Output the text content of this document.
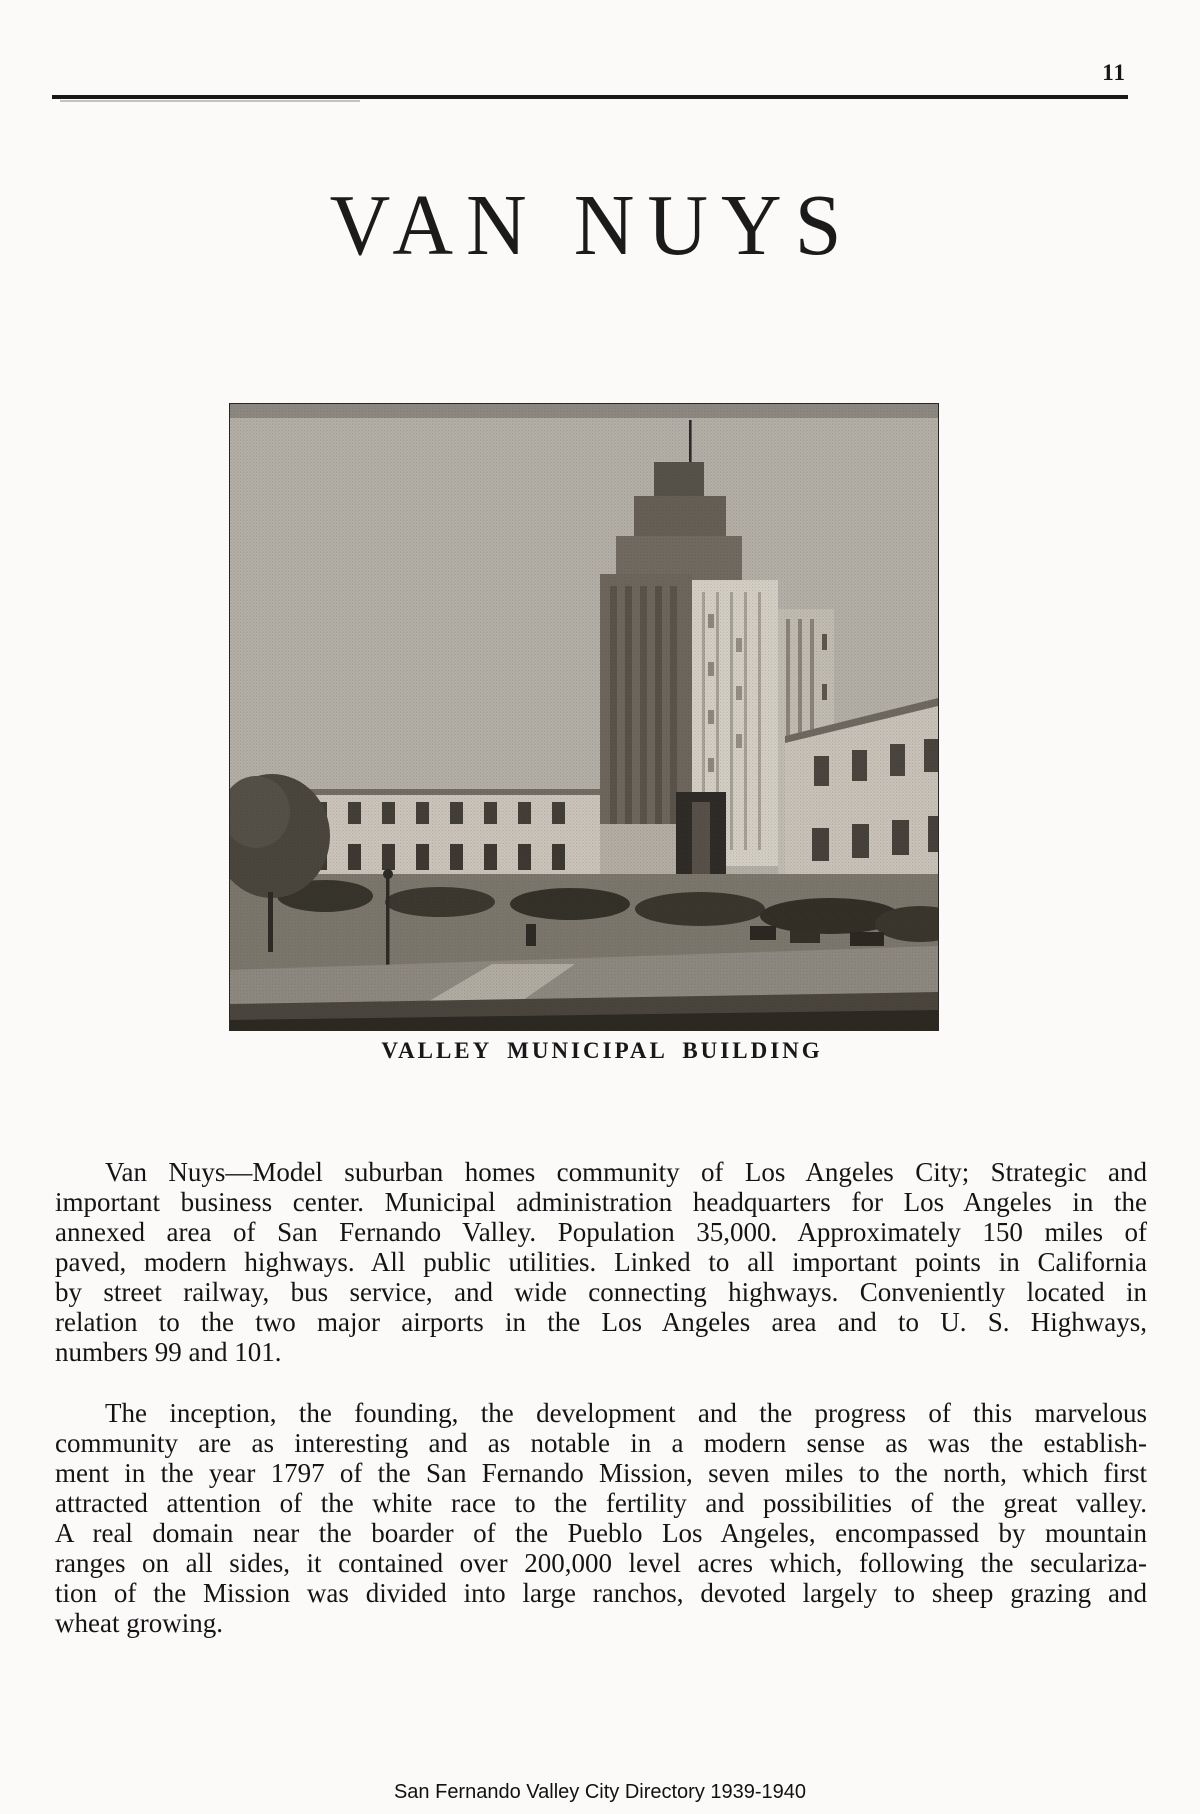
11
VAN NUYS
VALLEY MUNICIPAL BUILDING
Van Nuys—Model suburban homes community of Los Angeles City; Strategic and
important business center. Municipal administration headquarters for Los Angeles in the
annexed area of San Fernando Valley. Population 35,000. Approximately 150 miles of
paved, modern highways. All public utilities. Linked to all important points in California
by street railway, bus service, and wide connecting highways. Conveniently located in
relation to the two major airports in the Los Angeles area and to U. S. Highways,
numbers 99 and 101.
The inception, the founding, the development and the progress of this marvelous
community are as interesting and as notable in a modern sense as was the establish-
ment in the year 1797 of the San Fernando Mission, seven miles to the north, which first
attracted attention of the white race to the fertility and possibilities of the great valley.
A real domain near the boarder of the Pueblo Los Angeles, encompassed by mountain
ranges on all sides, it contained over 200,000 level acres which, following the seculariza-
tion of the Mission was divided into large ranchos, devoted largely to sheep grazing and
wheat growing.
San Fernando Valley City Directory 1939-1940
